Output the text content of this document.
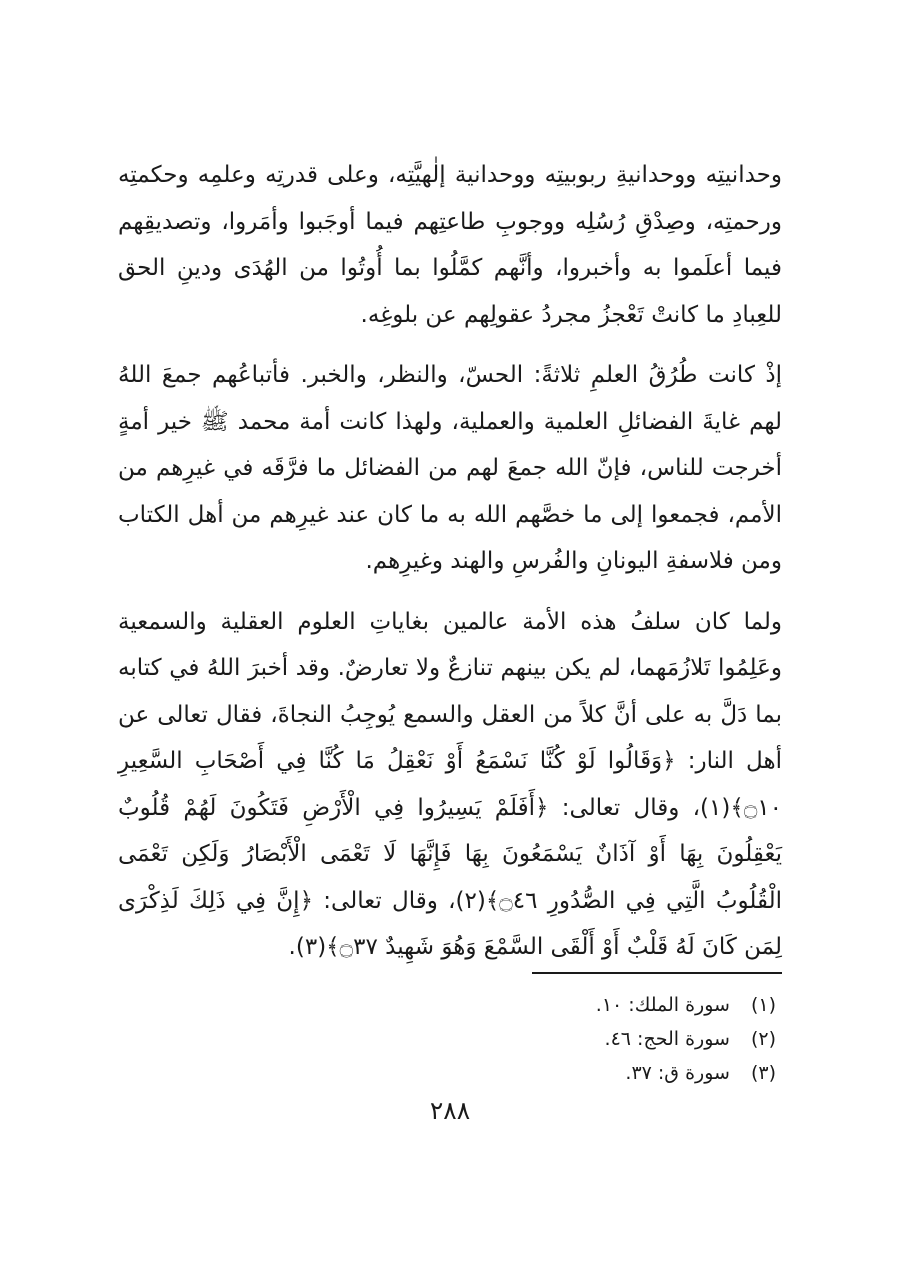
وحدانيتِه ووحدانيةِ ربوبيتِه ووحدانية إلٰهيَّتِه، وعلى قدرتِه وعلمِه وحكمتِه ورحمتِه، وصِدْقِ رُسُلِه ووجوبِ طاعتِهم فيما أوجَبوا وأمَروا، وتصديقِهم فيما أعلَموا به وأخبروا، وأنَّهم كمَّلُوا بما أُوتُوا من الهُدَى ودينِ الحق للعِبادِ ما كانتْ تَعْجزُ مجردُ عقولِهم عن بلوغِه.

إذْ كانت طُرُقُ العلمِ ثلاثةً: الحسّ، والنظر، والخبر. فأتباعُهم جمعَ اللهُ لهم غايةَ الفضائلِ العلمية والعملية، ولهذا كانت أمة محمد ﷺ خير أمةٍ أخرجت للناس، فإنّ الله جمعَ لهم من الفضائل ما فرَّقَه في غيرِهم من الأمم، فجمعوا إلى ما خصَّهم الله به ما كان عند غيرِهم من أهل الكتاب ومن فلاسفةِ اليونانِ والفُرسِ والهند وغيرِهم.

ولما كان سلفُ هذه الأمة عالمين بغاياتِ العلوم العقلية والسمعية وعَلِمُوا تَلازُمَهما، لم يكن بينهم تنازعٌ ولا تعارضٌ. وقد أخبرَ اللهُ في كتابه بما دَلَّ به على أنَّ كلاً من العقل والسمع يُوجِبُ النجاةَ، فقال تعالى عن أهل النار: ﴿وَقَالُوا لَوْ كُنَّا نَسْمَعُ أَوْ نَعْقِلُ مَا كُنَّا فِي أَصْحَابِ السَّعِيرِ ۝١٠﴾(١)، وقال تعالى: ﴿أَفَلَمْ يَسِيرُوا فِي الْأَرْضِ فَتَكُونَ لَهُمْ قُلُوبٌ يَعْقِلُونَ بِهَا أَوْ آذَانٌ يَسْمَعُونَ بِهَا فَإِنَّهَا لَا تَعْمَى الْأَبْصَارُ وَلَكِن تَعْمَى الْقُلُوبُ الَّتِي فِي الصُّدُورِ ۝٤٦﴾(٢)، وقال تعالى: ﴿إِنَّ فِي ذَلِكَ لَذِكْرَى لِمَن كَانَ لَهُ قَلْبٌ أَوْ أَلْقَى السَّمْعَ وَهُوَ شَهِيدٌ ۝٣٧﴾(٣).

(١) سورة الملك: ١٠.
(٢) سورة الحج: ٤٦.
(٣) سورة ق: ٣٧.
٢٨٨
